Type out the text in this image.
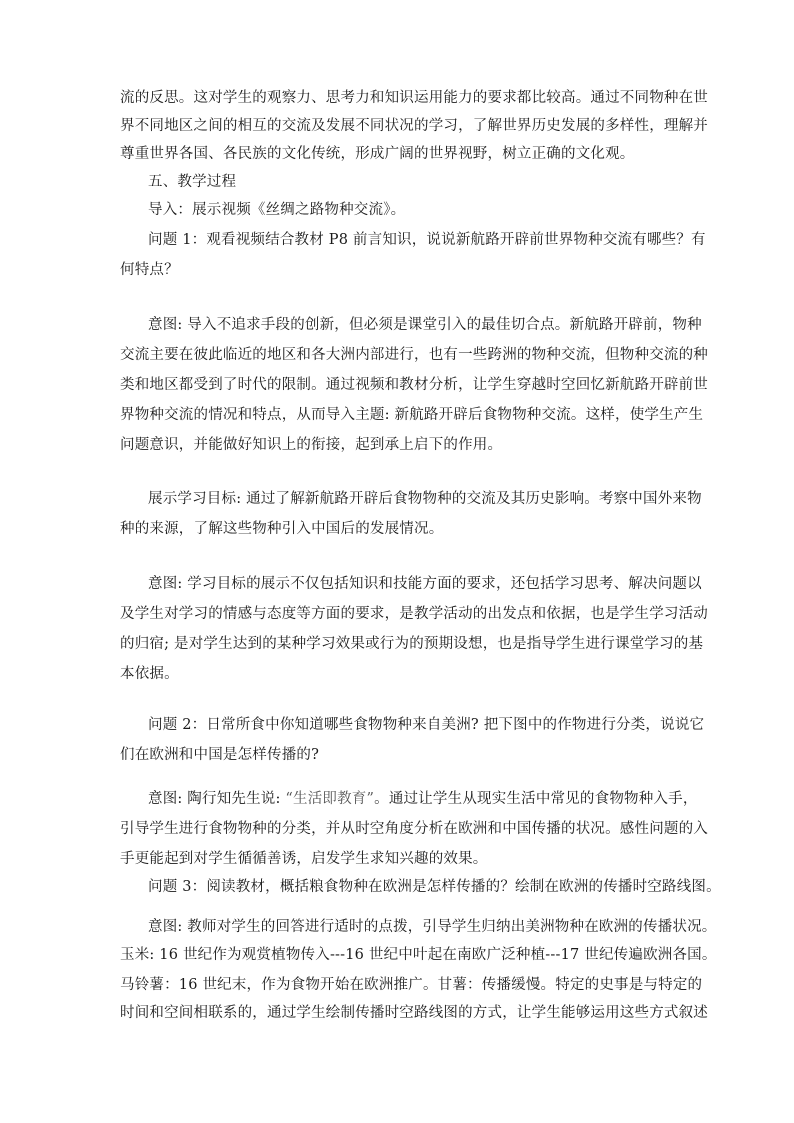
流的反思。这对学生的观察力、思考力和知识运用能力的要求都比较高。通过不同物种在世
界不同地区之间的相互的交流及发展不同状况的学习，了解世界历史发展的多样性，理解并
尊重世界各国、各民族的文化传统，形成广阔的世界视野，树立正确的文化观。
五、教学过程
导入：展示视频《丝绸之路物种交流》。
问题 1：观看视频结合教材 P8 前言知识，说说新航路开辟前世界物种交流有哪些？有
何特点？
意图: 导入不追求手段的创新，但必须是课堂引入的最佳切合点。新航路开辟前，物种
交流主要在彼此临近的地区和各大洲内部进行，也有一些跨洲的物种交流，但物种交流的种
类和地区都受到了时代的限制。通过视频和教材分析，让学生穿越时空回忆新航路开辟前世
界物种交流的情况和特点，从而导入主题: 新航路开辟后食物物种交流。这样，使学生产生
问题意识，并能做好知识上的衔接，起到承上启下的作用。
展示学习目标: 通过了解新航路开辟后食物物种的交流及其历史影响。考察中国外来物
种的来源，了解这些物种引入中国后的发展情况。
意图: 学习目标的展示不仅包括知识和技能方面的要求，还包括学习思考、解决问题以
及学生对学习的情感与态度等方面的要求，是教学活动的出发点和依据，也是学生学习活动
的归宿; 是对学生达到的某种学习效果或行为的预期设想，也是指导学生进行课堂学习的基
本依据。
问题 2：日常所食中你知道哪些食物物种来自美洲? 把下图中的作物进行分类，说说它
们在欧洲和中国是怎样传播的?
意图: 陶行知先生说: “生活即教育”。通过让学生从现实生活中常见的食物物种入手，
引导学生进行食物物种的分类，并从时空角度分析在欧洲和中国传播的状况。感性问题的入
手更能起到对学生循循善诱，启发学生求知兴趣的效果。
问题 3：阅读教材，概括粮食物种在欧洲是怎样传播的？绘制在欧洲的传播时空路线图。
意图: 教师对学生的回答进行适时的点拨，引导学生归纳出美洲物种在欧洲的传播状况。
玉米: 16 世纪作为观赏植物传入---16 世纪中叶起在南欧广泛种植---17 世纪传遍欧洲各国。
马铃薯：16 世纪末，作为食物开始在欧洲推广。甘薯：传播缓慢。特定的史事是与特定的
时间和空间相联系的，通过学生绘制传播时空路线图的方式，让学生能够运用这些方式叙述
